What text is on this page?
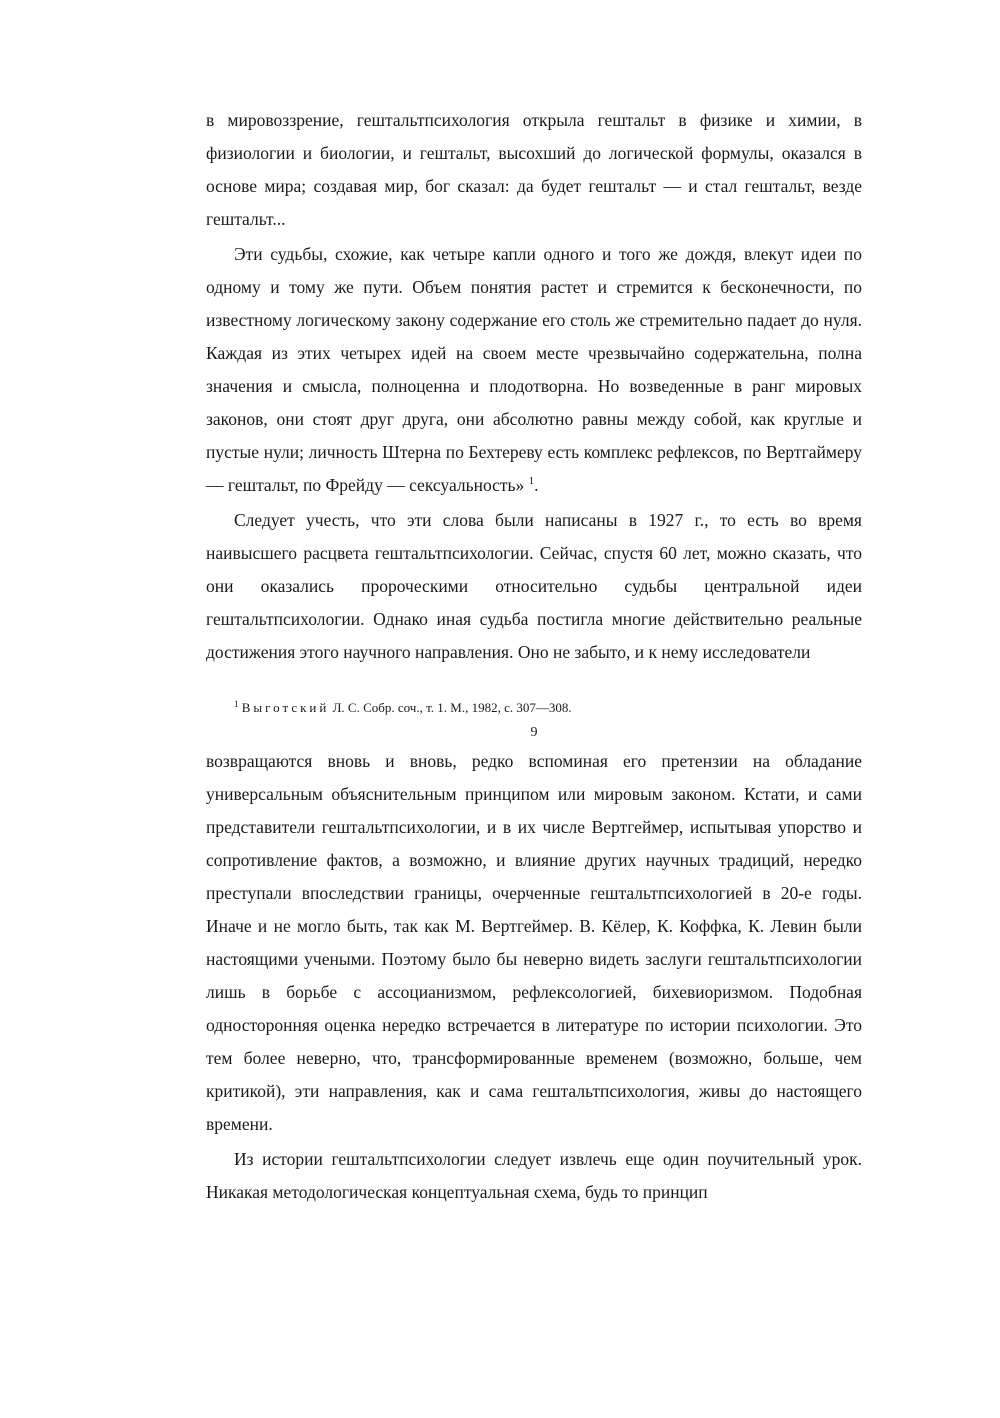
в мировоззрение, гештальтпсихология открыла гештальт в физике и химии, в физиологии и биологии, и гештальт, высохший до логической формулы, оказался в основе мира; создавая мир, бог сказал: да будет гештальт — и стал гештальт, везде гештальт...

Эти судьбы, схожие, как четыре капли одного и того же дождя, влекут идеи по одному и тому же пути. Объем понятия растет и стремится к бесконечности, по известному логическому закону содержание его столь же стремительно падает до нуля. Каждая из этих четырех идей на своем месте чрезвычайно содержательна, полна значения и смысла, полноценна и плодотворна. Но возведенные в ранг мировых законов, они стоят друг друга, они абсолютно равны между собой, как круглые и пустые нули; личность Штерна по Бехтереву есть комплекс рефлексов, по Вертгаймеру — гештальт, по Фрейду — сексуальность» $^1$.

Следует учесть, что эти слова были написаны в 1927 г., то есть во время наивысшего расцвета гештальтпсихологии. Сейчас, спустя 60 лет, можно сказать, что они оказались пророческими относительно судьбы центральной идеи гештальтпсихологии. Однако иная судьба постигла многие действительно реальные достижения этого научного направления. Оно не забыто, и к нему исследователи

$^1$ Выготский Л. С. Собр. соч., т. 1. М., 1982, с. 307—308.
9

возвращаются вновь и вновь, редко вспоминая его претензии на обладание универсальным объяснительным принципом или мировым законом. Кстати, и сами представители гештальтпсихологии, и в их числе Вертгеймер, испытывая упорство и сопротивление фактов, а возможно, и влияние других научных традиций, нередко преступали впоследствии границы, очерченные гештальтпсихологией в 20-е годы. Иначе и не могло быть, так как М. Вертгеймер. В. Кёлер, К. Коффка, К. Левин были настоящими учеными. Поэтому было бы неверно видеть заслуги гештальтпсихологии лишь в борьбе с ассоцианизмом, рефлексологией, бихевиоризмом. Подобная односторонняя оценка нередко встречается в литературе по истории психологии. Это тем более неверно, что, трансформированные временем (возможно, больше, чем критикой), эти направления, как и сама гештальтпсихология, живы до настоящего времени.

Из истории гештальтпсихологии следует извлечь еще один поучительный урок. Никакая методологическая концептуальная схема, будь то принцип
